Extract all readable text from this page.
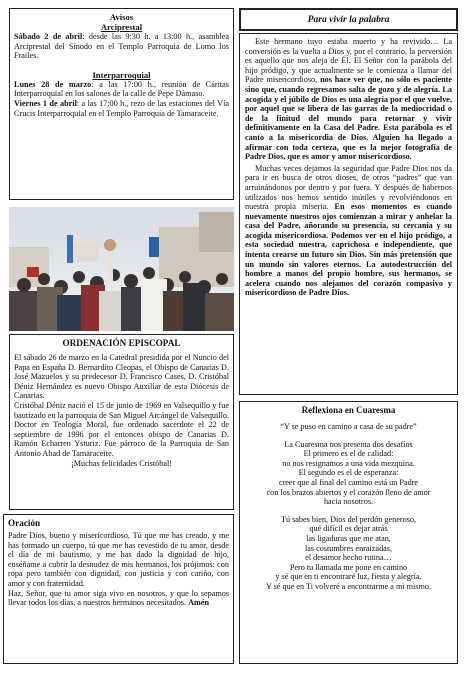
Avisos

Arciprestal

Sábado 2 de abril: desde las 9:30 h. a 13:00 h., asamblea Arciprestal del Sínodo en el Templo Parroquia de Lomo los Frailes.

Interparroquial

Lunes 28 de marzo: a las 17:00 h., reunión de Cáritas Interparroquial en los salones de la calle de Pepe Dámaso.

Viernes 1 de abril: a las 17:00 h., rezo de las estaciones del Vía Crucis Interparroquial en el Templo Parroquia de Tamaraceite.

ORDENACIÓN EPISCOPAL

El sábado 26 de marzo en la Catedral presidida por el Nuncio del Papa en España D. Bernardito Cleopas, el Obispo de Canarias D. José Mazuelos y su predecesor D. Francisco Cases, D. Cristóbal Déniz Hernández es nuevo Obispo Auxiliar de esta Diócesis de Canarias.

Cristóbal Déniz nació el 15 de junio de 1969 en Valsequillo y fue bautizado en la parroquia de San Miguel Arcángel de Valsequillo. Doctor en Teología Moral, fue ordenado sacerdote el 22 de septiembre de 1996 por el entonces obispo de Canarias D. Ramón Echarren Ysturiz. Fue párroco de la Parroquia de San Antonio Abad de Tamaraceite.

¡Muchas felicidades Cristóbal!

Oración

Padre Dios, bueno y misericordioso, Tú que me has creado, y me has formado un cuerpo, tú que me has revestido de tu amor, desde el día de mi bautismo, y me has dado la dignidad de hijo, enséñame a cubrir la desnudez de mis hermanos, los prójimos: con ropa pero también con dignidad, con justicia y con cariño, con amor y con fraternidad.

Haz, Señor, que tu amor siga vivo en nosotros, y que lo sepamos llevar todos los días, a nuestros hermanos necesitados. Amén

Para vivir la palabra

Este hermano tuyo estaba muerto y ha revivido… La conversión es la vuelta a Dios y, por el contrario, la perversión es aquello que nos aleja de Él. El Señor con la parábola del hijo pródigo, y que actualmente se le comienza a llamar del Padre misericordioso, nos hace ver que, no sólo es paciente sino que, cuando regresamos salta de gozo y de alegría. La acogida y el júbilo de Dios es una alegría por el que vuelve, por aquel que se libera de las garras de la mediocridad o de la finitud del mundo para retornar y vivir definitivamente en la Casa del Padre. Esta parábola es el canto a la misericordia de Dios. Alguien ha llegado a afirmar con toda certeza, que es la mejor fotografía de Padre Dios, que es amor y amor misericordioso.

Muchas veces dejamos la seguridad que Padre Dios nos da para ir en busca de otros dioses, de otros “padres” que van arruinándonos por dentro y por fuera. Y después de habernos utilizados nos hemos sentido inútiles y revolviéndonos en nuestra propia miseria. En esos momentos es cuando nuevamente nuestros ojos comienzan a mirar y anhelar la casa del Padre, añorando su presencia, su cercanía y su acogida misericordiosa. Podemos ver en el hijo pródigo, a esta sociedad nuestra, caprichosa e independiente, que intenta crearse un futuro sin Dios. Sin más pretensión que un mundo sin valores eternos. La autodestrucción del hombre a manos del propio hombre, sus hermanos, se acelera cuando nos alejamos del corazón compasivo y misericordioso de Padre Dios.

Reflexiona en Cuaresma

“Y se puso en camino a casa de su padre”

La Cuaresma nos presenta dos desafíos

El primero es el de calidad:

no nos resignamos a una vida mezquina.

El segundo es el de esperanza:

creer que al final del camino está un Padre

con los brazos abiertos y el corazón lleno de amor

hacia nosotros.

Tú sabes bien, Dios del perdón generoso,

qué difícil es dejar atrás

las ligaduras que me atan,

las costumbres enraizadas,

el desamor hecho rutina…

Pero tu llamada me pone en camino

y sé que en ti encontraré luz, fiesta y alegría.

Y sé que en Ti volveré a encontrarme a mi mismo.
